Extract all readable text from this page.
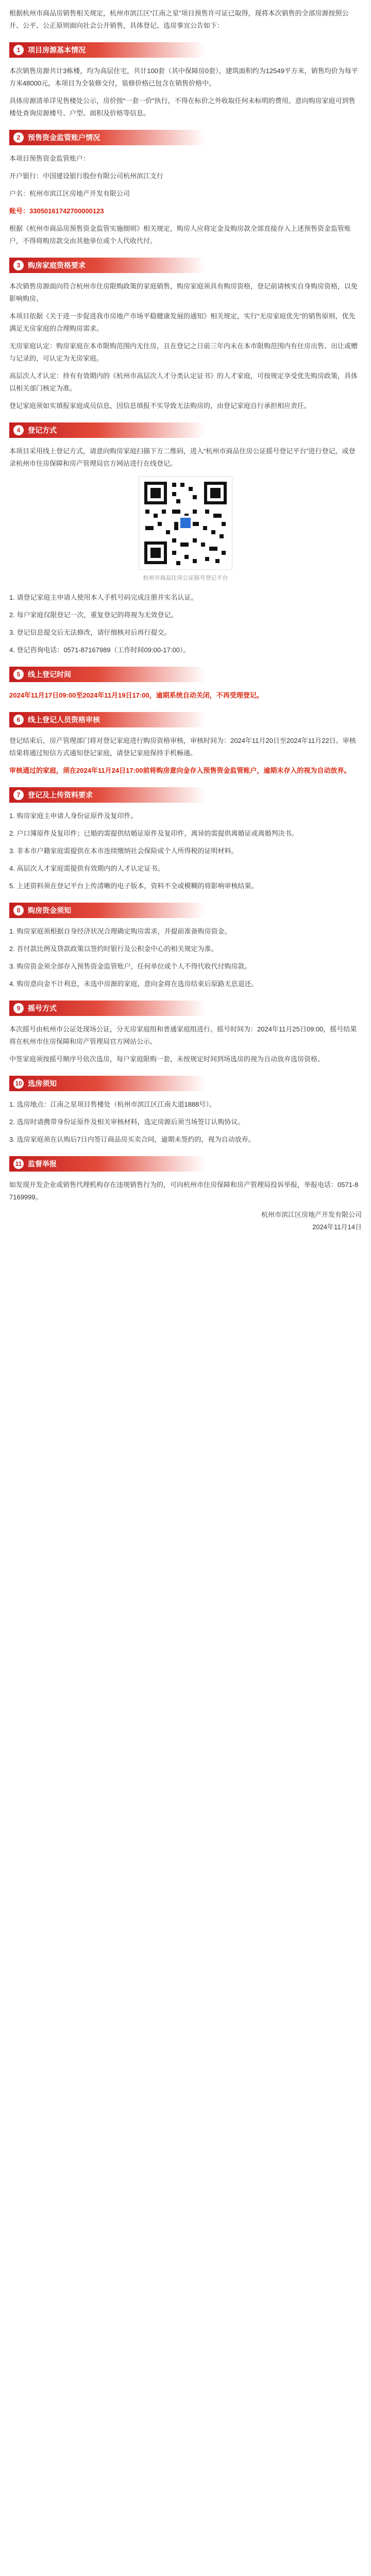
根据杭州市商品房销售相关规定，杭州市滨江区“江南之星”项目预售许可证已取得，现将本次销售的全部房源按照公开、公平、公正原则面向社会公开销售，具体登记、选房事宜公告如下：

1	项目房源基本情况

本次销售房源共计3栋楼，均为高层住宅，共计100套（其中保障房0套），建筑面积约为12549平方米，销售均价为每平方米48000元，本项目为全装修交付，装修价格已包含在销售价格中。

具体房源清单详见售楼处公示，房价按“一套一价”执行，不得在标价之外收取任何未标明的费用。意向购房家庭可到售楼处查询房源楼号、户型、面积及价格等信息。

2	预售资金监管账户情况

本项目预售资金监管账户：

开户银行：中国建设银行股份有限公司杭州滨江支行

户名：杭州市滨江区房地产开发有限公司

账号：33050161742700000123

根据《杭州市商品房预售资金监管实施细则》相关规定，购房人应将定金及购房款全部直接存入上述预售资金监管账户，不得将购房款交由其他单位或个人代收代付。

3	购房家庭资格要求

本次销售房源面向符合杭州市住房限购政策的家庭销售，购房家庭须具有购房资格，登记前请核实自身购房资格，以免影响购房。

本项目依据《关于进一步促进我市房地产市场平稳健康发展的通知》相关规定，实行“无房家庭优先”的销售原则，优先满足无房家庭的合理购房需求。

无房家庭认定：购房家庭在本市限购范围内无住房，且在登记之日前三年内未在本市限购范围内有住房出售、出让或赠与记录的，可认定为无房家庭。

高层次人才认定：持有有效期内的《杭州市高层次人才分类认定证书》的人才家庭，可按规定享受优先购房政策，具体以相关部门核定为准。

登记家庭须如实填报家庭成员信息，因信息填报不实导致无法购房的，由登记家庭自行承担相应责任。

4	登记方式

本项目采用线上登记方式，请意向购房家庭扫描下方二维码，进入“杭州市商品住房公证摇号登记平台”进行登记，或登录杭州市住房保障和房产管理局官方网站进行在线登记。

杭州市商品住房公证摇号登记平台

1. 请登记家庭主申请人使用本人手机号码完成注册并实名认证。

2. 每户家庭仅限登记一次，重复登记的将视为无效登记。

3. 登记信息提交后无法修改，请仔细核对后再行提交。

4. 登记咨询电话：0571-87167989（工作时间09:00-17:00）。

5	线上登记时间

2024年11月17日09:00至2024年11月19日17:00，逾期系统自动关闭，不再受理登记。

6	线上登记人员资格审核

登记结束后，房产管理部门将对登记家庭进行购房资格审核，审核时间为：2024年11月20日至2024年11月22日。审核结果将通过短信方式通知登记家庭，请登记家庭保持手机畅通。

审核通过的家庭，须在2024年11月24日17:00前将购房意向金存入预售资金监管账户，逾期未存入的视为自动放弃。

7	登记及上传资料要求

1. 购房家庭主申请人身份证原件及复印件。

2. 户口簿原件及复印件；已婚的需提供结婚证原件及复印件，离异的需提供离婚证或离婚判决书。

3. 非本市户籍家庭需提供在本市连续缴纳社会保险或个人所得税的证明材料。

4. 高层次人才家庭需提供有效期内的人才认定证书。

5. 上述资料须在登记平台上传清晰的电子版本，资料不全或模糊的将影响审核结果。

8	购房资金须知

1. 购房家庭须根据自身经济状况合理确定购房需求，并提前准备购房资金。

2. 首付款比例及贷款政策以签约时银行及公积金中心的相关规定为准。

3. 购房资金须全部存入预售资金监管账户，任何单位或个人不得代收代付购房款。

4. 购房意向金不计利息，未选中房源的家庭，意向金将在选房结束后原路无息退还。

9	摇号方式

本次摇号由杭州市公证处现场公证，分无房家庭组和普通家庭组进行。摇号时间为：2024年11月25日09:00，摇号结果将在杭州市住房保障和房产管理局官方网站公示。

中签家庭须按摇号顺序号依次选房，每户家庭限购一套，未按规定时间到场选房的视为自动放弃选房资格。

10 选房须知

1. 选房地点：江南之星项目售楼处（杭州市滨江区江南大道1888号）。

2. 选房时请携带身份证原件及相关审核材料，选定房源后须当场签订认购协议。

3. 选房家庭须在认购后7日内签订商品房买卖合同，逾期未签约的，视为自动放弃。

11 监督举报

如发现开发企业或销售代理机构存在违规销售行为的，可向杭州市住房保障和房产管理局投诉举报，举报电话：0571-87169999。

杭州市滨江区房地产开发有限公司
2024年11月14日
